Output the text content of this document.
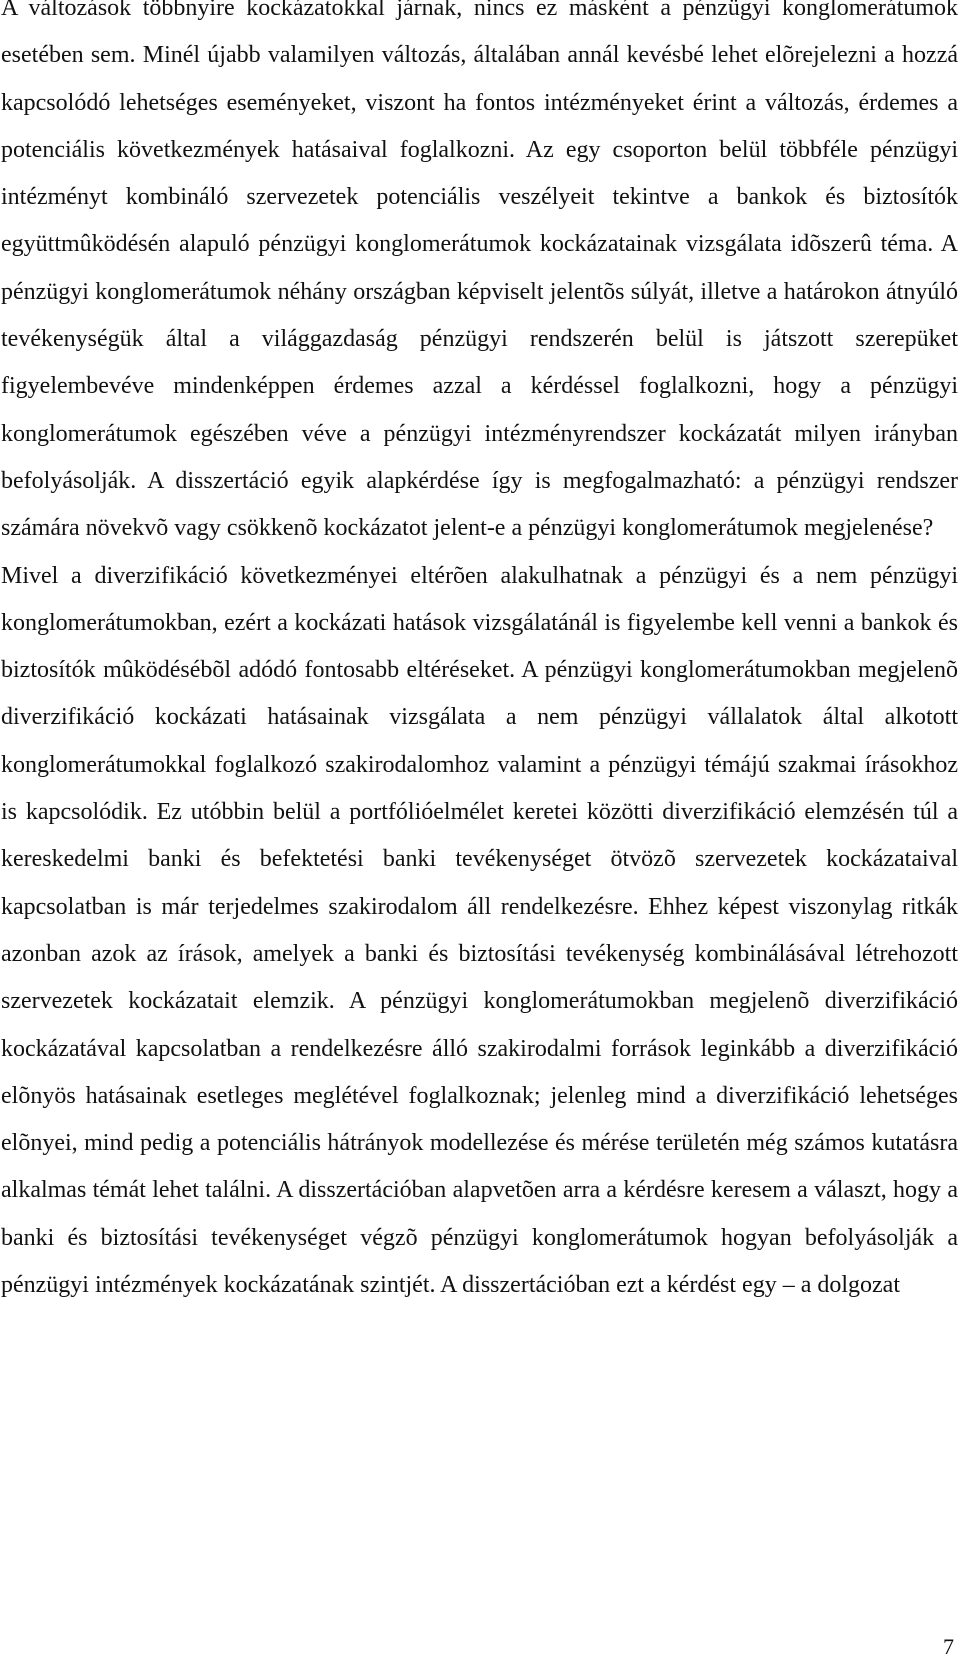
A változások többnyire kockázatokkal járnak, nincs ez másként a pénzügyi konglomerátumok esetében sem. Minél újabb valamilyen változás, általában annál kevésbé lehet elõrejelezni a hozzá kapcsolódó lehetséges eseményeket, viszont ha fontos intézményeket érint a változás, érdemes a potenciális következmények hatásaival foglalkozni. Az egy csoporton belül többféle pénzügyi intézményt kombináló szervezetek potenciális veszélyeit tekintve a bankok és biztosítók együttmûködésén alapuló pénzügyi konglomerátumok kockázatainak vizsgálata idõszerû téma. A pénzügyi konglomerátumok néhány országban képviselt jelentõs súlyát, illetve a határokon átnyúló tevékenységük által a világgazdaság pénzügyi rendszerén belül is játszott szerepüket figyelembevéve mindenképpen érdemes azzal a kérdéssel foglalkozni, hogy a pénzügyi konglomerátumok egészében véve a pénzügyi intézményrendszer kockázatát milyen irányban befolyásolják. A disszertáció egyik alapkérdése így is megfogalmazható: a pénzügyi rendszer számára növekvõ vagy csökkenõ kockázatot jelent-e a pénzügyi konglomerátumok megjelenése?

Mivel a diverzifikáció következményei eltérõen alakulhatnak a pénzügyi és a nem pénzügyi konglomerátumokban, ezért a kockázati hatások vizsgálatánál is figyelembe kell venni a bankok és biztosítók mûködésébõl adódó fontosabb eltéréseket. A pénzügyi konglomerátumokban megjelenõ diverzifikáció kockázati hatásainak vizsgálata a nem pénzügyi vállalatok által alkotott konglomerátumokkal foglalkozó szakirodalomhoz valamint a pénzügyi témájú szakmai írásokhoz is kapcsolódik. Ez utóbbin belül a portfólióelmélet keretei közötti diverzifikáció elemzésén túl a kereskedelmi banki és befektetési banki tevékenységet ötvözõ szervezetek kockázataival kapcsolatban is már terjedelmes szakirodalom áll rendelkezésre. Ehhez képest viszonylag ritkák azonban azok az írások, amelyek a banki és biztosítási tevékenység kombinálásával létrehozott szervezetek kockázatait elemzik. A pénzügyi konglomerátumokban megjelenõ diverzifikáció kockázatával kapcsolatban a rendelkezésre álló szakirodalmi források leginkább a diverzifikáció elõnyös hatásainak esetleges meglétével foglalkoznak; jelenleg mind a diverzifikáció lehetséges elõnyei, mind pedig a potenciális hátrányok modellezése és mérése területén még számos kutatásra alkalmas témát lehet találni. A disszertációban alapvetõen arra a kérdésre keresem a választ, hogy a banki és biztosítási tevékenységet végzõ pénzügyi konglomerátumok hogyan befolyásolják a pénzügyi intézmények kockázatának szintjét. A disszertációban ezt a kérdést egy – a dolgozat

7
